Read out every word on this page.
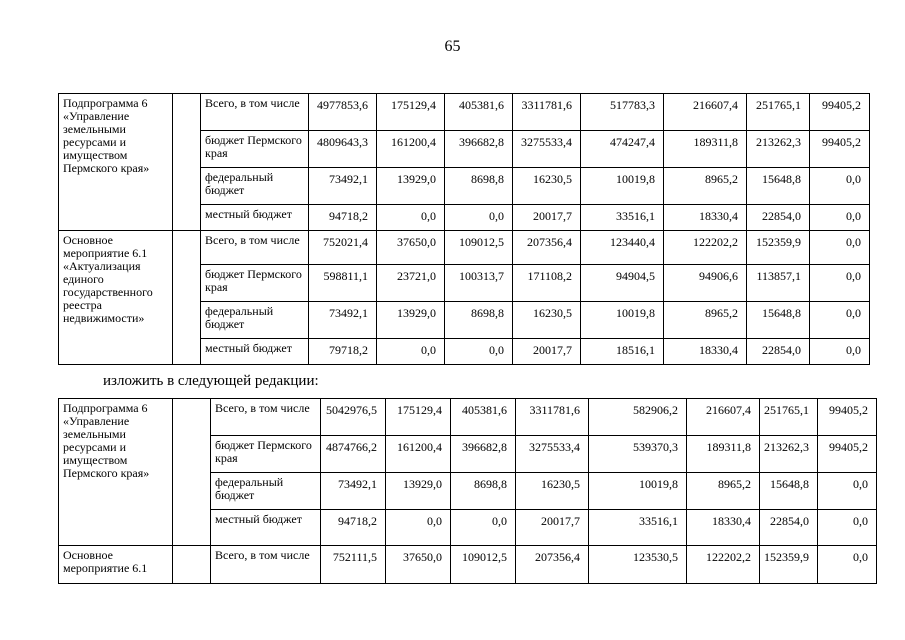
65
Подпрограмма 6 «Управление земельными ресурсами и имуществом Пермского края»		Всего, в том числе	4977853,6	175129,4	405381,6	3311781,6	517783,3	216607,4	251765,1	99405,2
		бюджет Пермского края	4809643,3	161200,4	396682,8	3275533,4	474247,4	189311,8	213262,3	99405,2
		федеральный бюджет	73492,1	13929,0	8698,8	16230,5	10019,8	8965,2	15648,8	0,0
		местный бюджет	94718,2	0,0	0,0	20017,7	33516,1	18330,4	22854,0	0,0
Основное мероприятие 6.1 «Актуализация единого государственного реестра недвижимости»		Всего, в том числе	752021,4	37650,0	109012,5	207356,4	123440,4	122202,2	152359,9	0,0
		бюджет Пермского края	598811,1	23721,0	100313,7	171108,2	94904,5	94906,6	113857,1	0,0
		федеральный бюджет	73492,1	13929,0	8698,8	16230,5	10019,8	8965,2	15648,8	0,0
		местный бюджет	79718,2	0,0	0,0	20017,7	18516,1	18330,4	22854,0	0,0
изложить в следующей редакции:
Подпрограмма 6 «Управление земельными ресурсами и имуществом Пермского края»		Всего, в том числе	5042976,5	175129,4	405381,6	3311781,6	582906,2	216607,4	251765,1	99405,2
		бюджет Пермского края	4874766,2	161200,4	396682,8	3275533,4	539370,3	189311,8	213262,3	99405,2
		федеральный бюджет	73492,1	13929,0	8698,8	16230,5	10019,8	8965,2	15648,8	0,0
		местный бюджет	94718,2	0,0	0,0	20017,7	33516,1	18330,4	22854,0	0,0
Основное мероприятие 6.1		Всего, в том числе	752111,5	37650,0	109012,5	207356,4	123530,5	122202,2	152359,9	0,0
